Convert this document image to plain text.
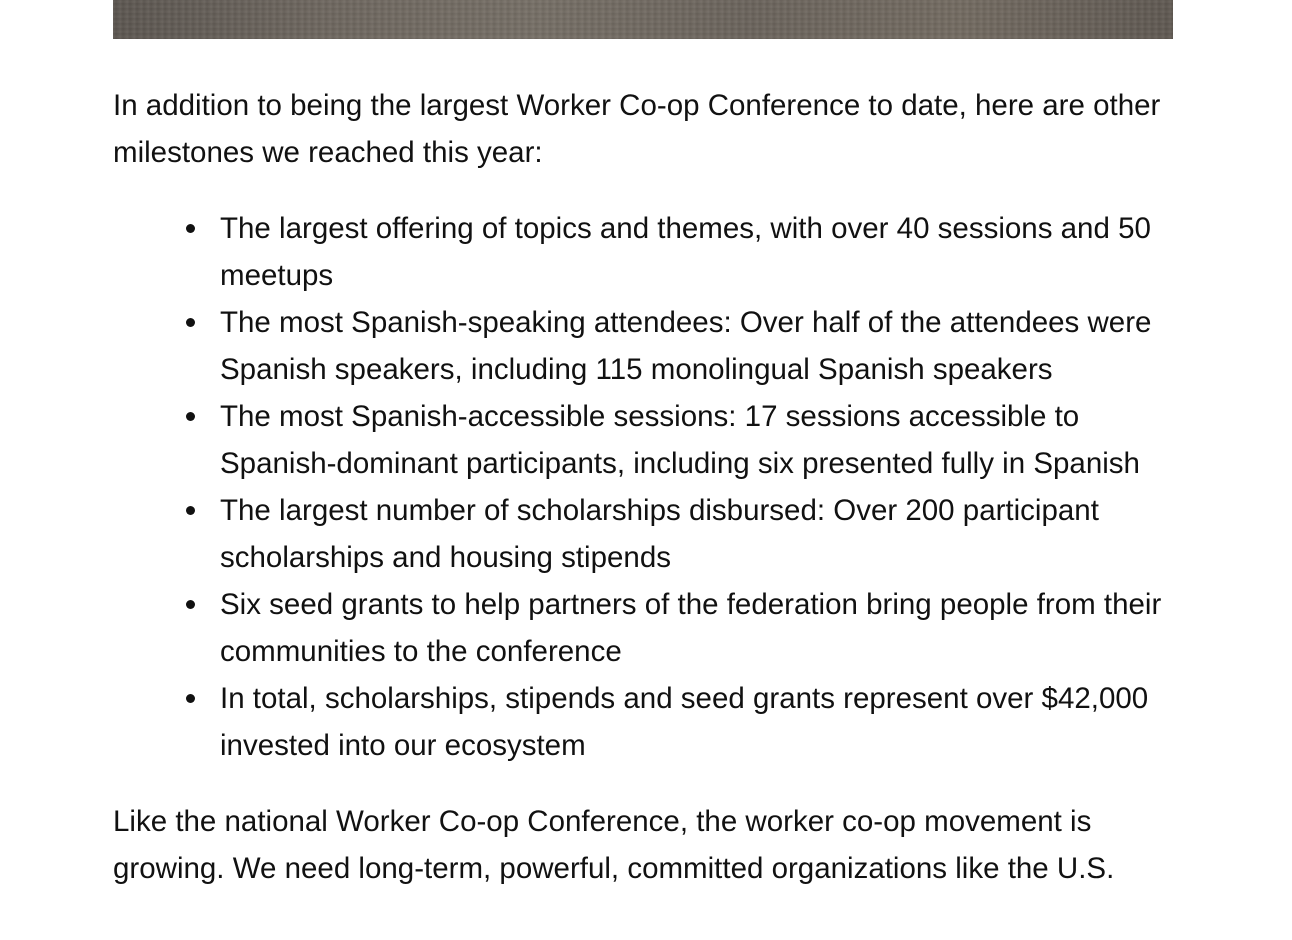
In addition to being the largest Worker Co-op Conference to date, here are other milestones we reached this year:

The largest offering of topics and themes, with over 40 sessions and 50 meetups
The most Spanish-speaking attendees: Over half of the attendees were Spanish speakers, including 115 monolingual Spanish speakers
The most Spanish-accessible sessions: 17 sessions accessible to Spanish-dominant participants, including six presented fully in Spanish
The largest number of scholarships disbursed: Over 200 participant scholarships and housing stipends
Six seed grants to help partners of the federation bring people from their communities to the conference
In total, scholarships, stipends and seed grants represent over $42,000 invested into our ecosystem

Like the national Worker Co-op Conference, the worker co-op movement is growing. We need long-term, powerful, committed organizations like the U.S.
